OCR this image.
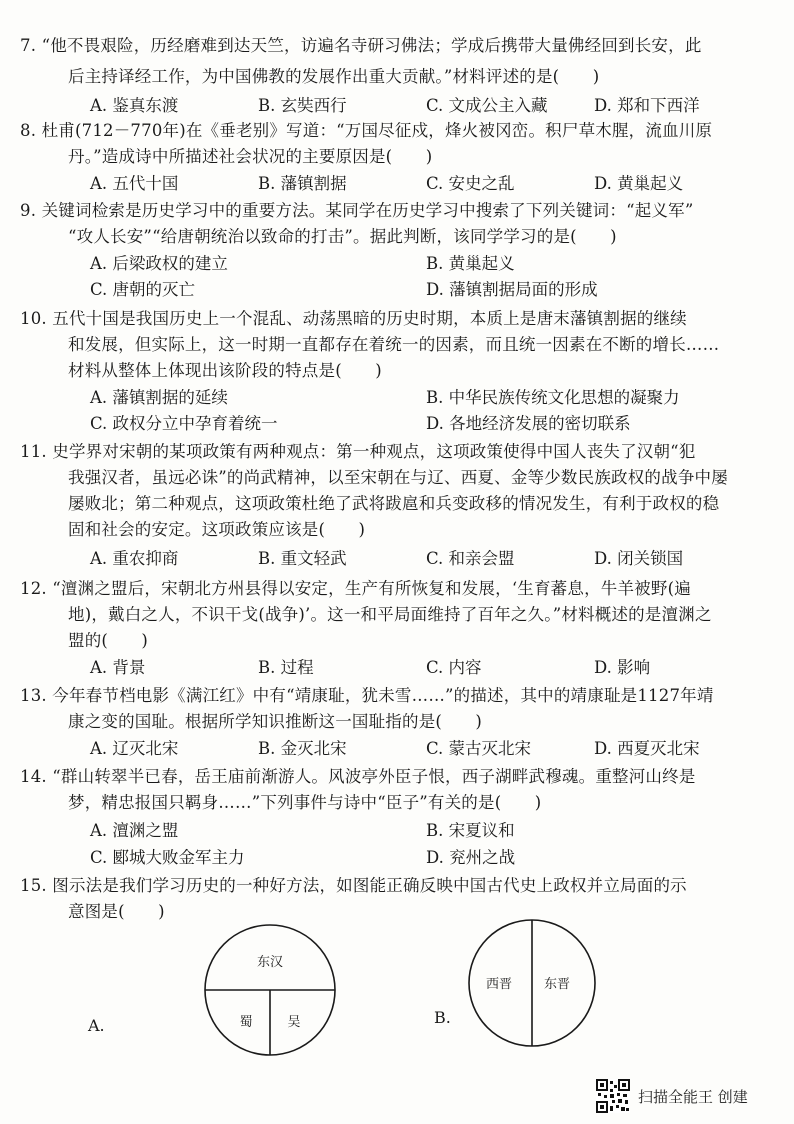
7. “他不畏艰险，历经磨难到达天竺，访遍名寺研习佛法；学成后携带大量佛经回到长安，此
后主持译经工作，为中国佛教的发展作出重大贡献。”材料评述的是(　　)
A. 鉴真东渡	B. 玄奘西行	C. 文成公主入藏	D. 郑和下西洋
8. 杜甫(712－770年)在《垂老别》写道：“万国尽征戍，烽火被冈峦。积尸草木腥，流血川原
丹。”造成诗中所描述社会状况的主要原因是(　　)
A. 五代十国	B. 藩镇割据	C. 安史之乱	D. 黄巢起义
9. 关键词检索是历史学习中的重要方法。某同学在历史学习中搜索了下列关键词：“起义军”
“攻人长安”“给唐朝统治以致命的打击”。据此判断，该同学学习的是(　　)
A. 后梁政权的建立	B. 黄巢起义
C. 唐朝的灭亡	D. 藩镇割据局面的形成
10. 五代十国是我国历史上一个混乱、动荡黑暗的历史时期，本质上是唐末藩镇割据的继续
和发展，但实际上，这一时期一直都存在着统一的因素，而且统一因素在不断的增长……
材料从整体上体现出该阶段的特点是(　　)
A. 藩镇割据的延续	B. 中华民族传统文化思想的凝聚力
C. 政权分立中孕育着统一	D. 各地经济发展的密切联系
11. 史学界对宋朝的某项政策有两种观点：第一种观点，这项政策使得中国人丧失了汉朝“犯
我强汉者，虽远必诛”的尚武精神，以至宋朝在与辽、西夏、金等少数民族政权的战争中屡
屡败北；第二种观点，这项政策杜绝了武将跋扈和兵变政移的情况发生，有利于政权的稳
固和社会的安定。这项政策应该是(　　)
A. 重农抑商	B. 重文轻武	C. 和亲会盟	D. 闭关锁国
12. “澶渊之盟后，宋朝北方州县得以安定，生产有所恢复和发展，‘生育蕃息，牛羊被野(遍
地)，戴白之人，不识干戈(战争)’。这一和平局面维持了百年之久。”材料概述的是澶渊之
盟的(　　)
A. 背景	B. 过程	C. 内容	D. 影响
13. 今年春节档电影《满江红》中有“靖康耻，犹未雪……”的描述，其中的靖康耻是1127年靖
康之变的国耻。根据所学知识推断这一国耻指的是(　　)
A. 辽灭北宋	B. 金灭北宋	C. 蒙古灭北宋	D. 西夏灭北宋
14. “群山转翠半已春，岳王庙前渐游人。风波亭外臣子恨，西子湖畔武穆魂。重整河山终是
梦，精忠报国只羁身……”下列事件与诗中“臣子”有关的是(　　)
A. 澶渊之盟	B. 宋夏议和
C. 郾城大败金军主力	D. 兖州之战
15. 图示法是我们学习历史的一种好方法，如图能正确反映中国古代史上政权并立局面的示
意图是(　　)
A.
东汉
蜀	吴	B.
西晋 东晋
扫描全能王 创建
